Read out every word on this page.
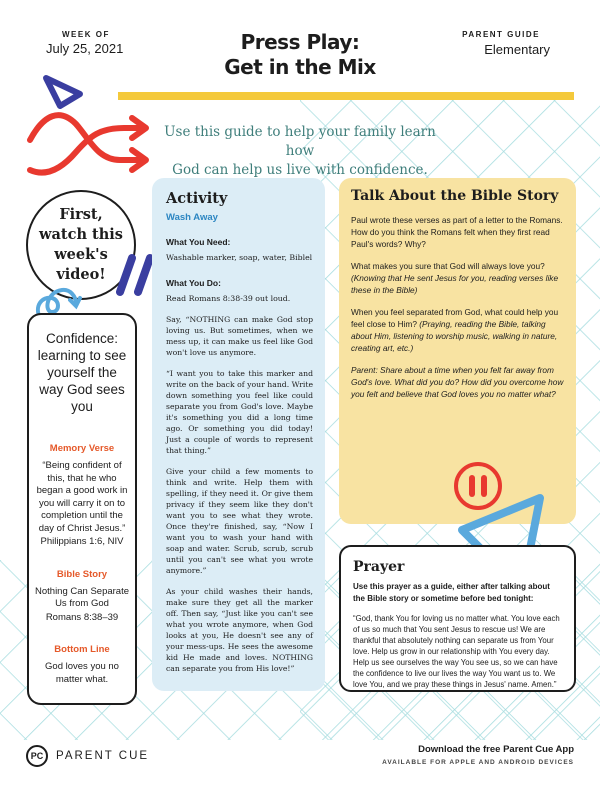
WEEK OF
July 25, 2021	Press Play:
Get in the Mix
PARENT GUIDE
Elementary
Use this guide to help your family learn how
God can help us live with confidence.
First, watch this week's video!
Confidence: learning to see yourself the way God sees you
Memory Verse
“Being confident of this, that he who began a good work in you will carry it on to completion until the day of Christ Jesus.”
Philippians 1:6, NIV
Bible Story
Nothing Can Separate Us from God
Romans 8:38–39
Bottom Line
God loves you no matter what.
Activity
Wash Away
What You Need:
Washable marker, soap, water, Biblel
What You Do:
Read Romans 8:38-39 out loud.
Say, “NOTHING can make God stop loving us. But sometimes, when we mess up, it can make us feel like God won't love us anymore.
“I want you to take this marker and write on the back of your hand. Write down something you feel like could separate you from God's love. Maybe it's something you did a long time ago. Or something you did today! Just a couple of words to represent that thing.”
Give your child a few moments to think and write. Help them with spelling, if they need it. Or give them privacy if they seem like they don't want you to see what they wrote. Once they're finished, say, “Now I want you to wash your hand with soap and water. Scrub, scrub, scrub until you can't see what you wrote anymore.”
As your child washes their hands, make sure they get all the marker off. Then say, “Just like you can't see what you wrote anymore, when God looks at you, He doesn't see any of your mess-ups. He sees the awesome kid He made and loves. NOTHING can separate you from His love!”
Talk About the Bible Story
Paul wrote these verses as part of a letter to the Romans. How do you think the Romans felt when they first read Paul's words? Why?
What makes you sure that God will always love you? (Knowing that He sent Jesus for you, reading verses like these in the Bible)
When you feel separated from God, what could help you feel close to Him? (Praying, reading the Bible, talking about Him, listening to worship music, walking in nature, creating art, etc.)
Parent: Share about a time when you felt far away from God's love. What did you do? How did you overcome how you felt and believe that God loves you no matter what?
Prayer
Use this prayer as a guide, either after talking about the Bible story or sometime before bed tonight:
“God, thank You for loving us no matter what. You love each of us so much that You sent Jesus to rescue us! We are thankful that absolutely nothing can separate us from Your love. Help us grow in our relationship with You every day. Help us see ourselves the way You see us, so we can have the confidence to live our lives the way You want us to. We love You, and we pray these things in Jesus' name. Amen.”
PC	PARENT CUE
Download the free Parent Cue App
AVAILABLE FOR APPLE AND ANDROID DEVICES
